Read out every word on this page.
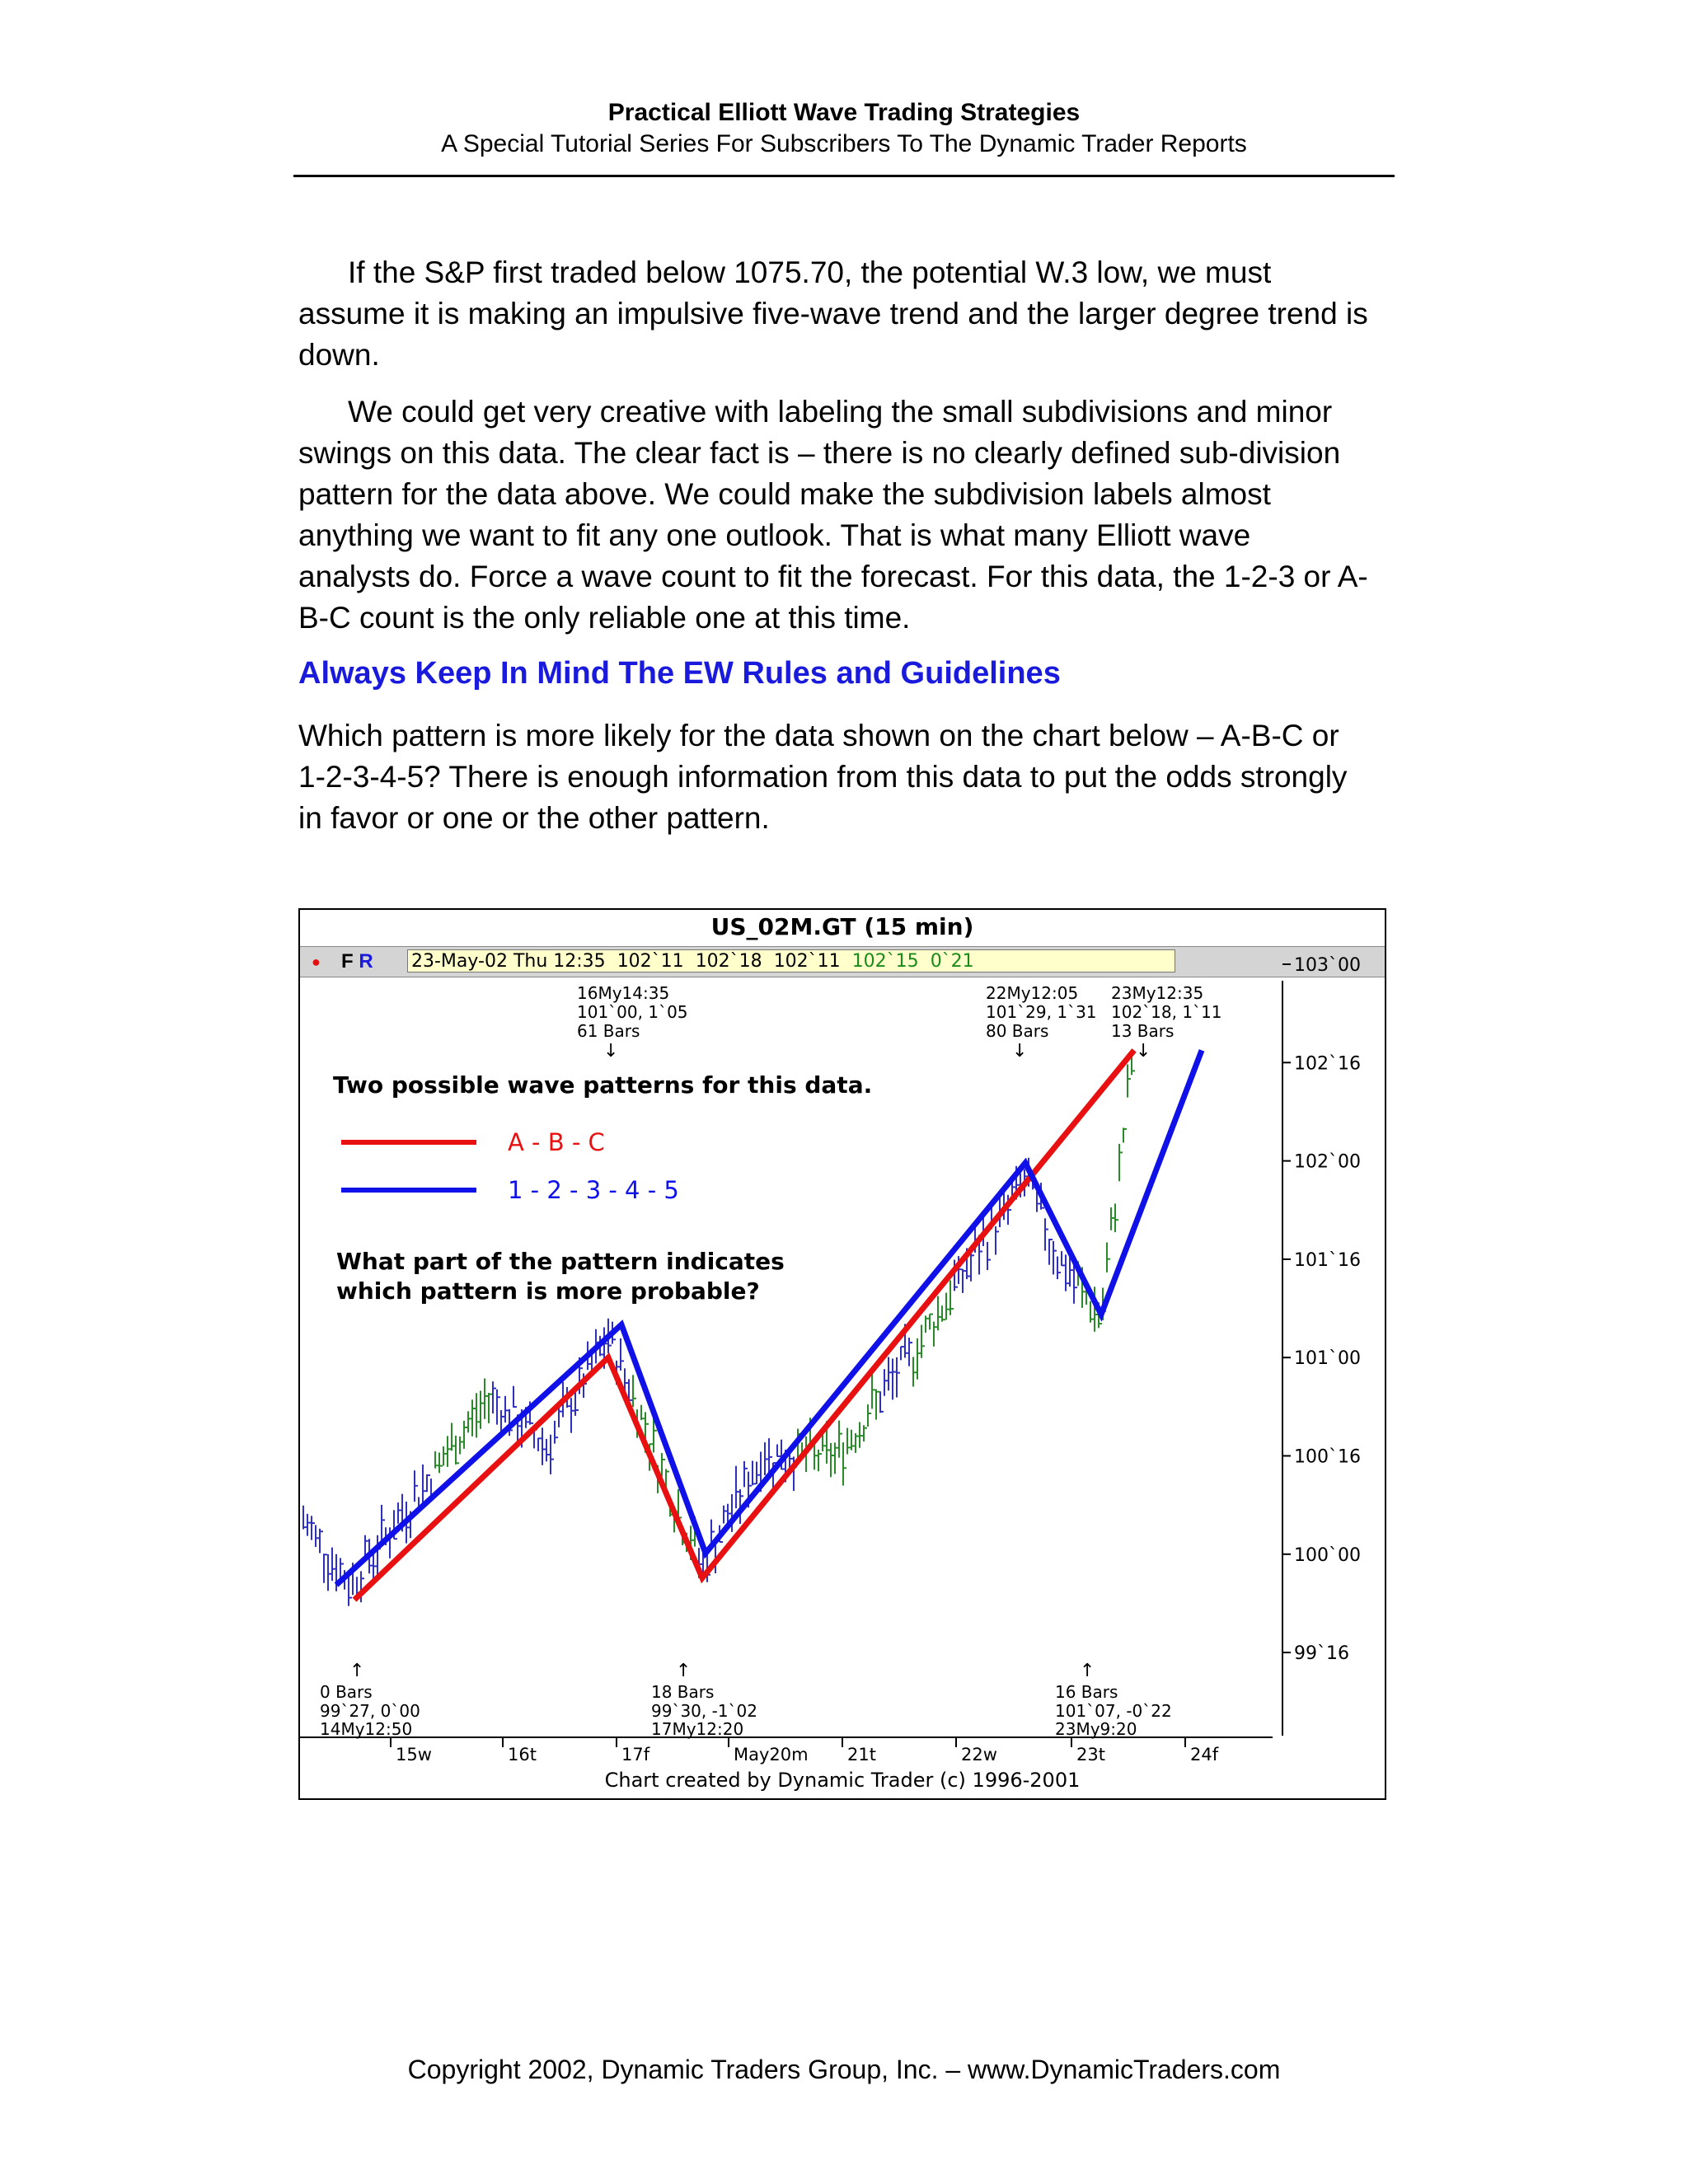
Practical Elliott Wave Trading Strategies
A Special Tutorial Series For Subscribers To The Dynamic Trader Reports

If the S&P first traded below 1075.70, the potential W.3 low, we must assume it is making an impulsive five-wave trend and the larger degree trend is down.

We could get very creative with labeling the small subdivisions and minor swings on this data. The clear fact is – there is no clearly defined sub-division pattern for the data above. We could make the subdivision labels almost anything we want to fit any one outlook. That is what many Elliott wave analysts do. Force a wave count to fit the forecast. For this data, the 1-2-3 or A-B-C count is the only reliable one at this time.

Always Keep In Mind The EW Rules and Guidelines

Which pattern is more likely for the data shown on the chart below – A-B-C or 1-2-3-4-5? There is enough information from this data to put the odds strongly in favor or one or the other pattern.

US_02M.GT (15 min)
● F R 23-May-02 Thu 12:35 102`11 102`18 102`11 102`15 0`21	103`00
102`16
102`00
101`16
101`00
100`16
100`00
99`16
15w	16t	17f	May20m 21t	22w	23t	24f
Two possible wave patterns for this data.
A - B - C
1 - 2 - 3 - 4 - 5
What part of the pattern indicates
which pattern is more probable?
16My14:35
101`00, 1`05
61 Bars
↓
22My12:05
101`29, 1`31
80 Bars
↓
23My12:35
102`18, 1`11
13 Bars
↓
↑
0 Bars
99`27, 0`00
14My12:50
↑
18 Bars
99`30, -1`02
17My12:20
↑
16 Bars
101`07, -0`22
23My9:20
Chart created by Dynamic Trader (c) 1996-2001
Copyright 2002, Dynamic Traders Group, Inc. – www.DynamicTraders.com
